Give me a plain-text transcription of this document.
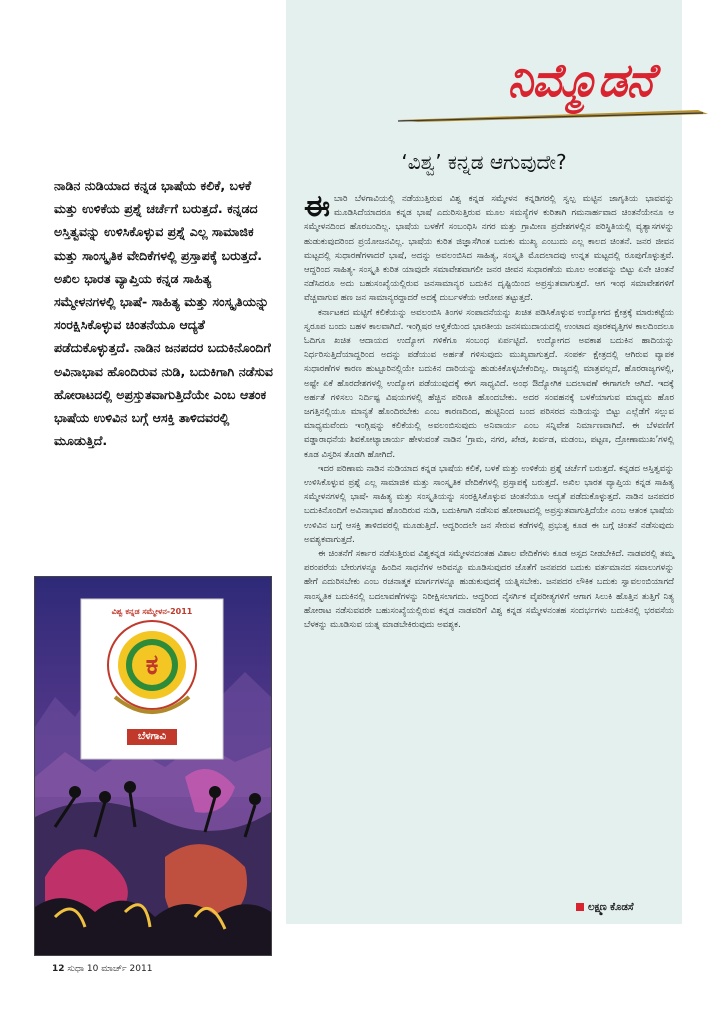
ನಿಮ್ಮೊಡನೆ
‘ವಿಶ್ವ’ ಕನ್ನಡ ಆಗುವುದೇ?
ನಾಡಿನ ನುಡಿಯಾದ ಕನ್ನಡ ಭಾಷೆಯ ಕಲಿಕೆ, ಬಳಕೆ ಮತ್ತು ಉಳಿಕೆಯ ಪ್ರಶ್ನೆ ಚರ್ಚೆಗೆ ಬರುತ್ತದೆ. ಕನ್ನಡದ ಅಸ್ತಿತ್ವವನ್ನು ಉಳಿಸಿಕೊಳ್ಳುವ ಪ್ರಶ್ನೆ ಎಲ್ಲ ಸಾಮಾಜಿಕ ಮತ್ತು ಸಾಂಸ್ಕೃತಿಕ ವೇದಿಕೆಗಳಲ್ಲಿ ಪ್ರಸ್ತಾಪಕ್ಕೆ ಬರುತ್ತದೆ. ಅಖಿಲ ಭಾರತ ವ್ಯಾಪ್ತಿಯ ಕನ್ನಡ ಸಾಹಿತ್ಯ ಸಮ್ಮೇಳನಗಳಲ್ಲಿ ಭಾಷೆ- ಸಾಹಿತ್ಯ ಮತ್ತು ಸಂಸ್ಕೃತಿಯನ್ನು ಸಂರಕ್ಷಿಸಿಕೊಳ್ಳುವ ಚಿಂತನೆಯೂ ಆದ್ಯತೆ ಪಡೆದುಕೊಳ್ಳುತ್ತದೆ. ನಾಡಿನ ಜನಪದರ ಬದುಕಿನೊಂದಿಗೆ ಅವಿನಾಭಾವ ಹೊಂದಿರುವ ನುಡಿ, ಬದುಕಿಗಾಗಿ ನಡೆಸುವ ಹೋರಾಟದಲ್ಲಿ ಅಪ್ರಸ್ತುತವಾಗುತ್ತಿದೆಯೇ ಎಂಬ ಆತಂಕ ಭಾಷೆಯ ಉಳಿವಿನ ಬಗ್ಗೆ ಆಸಕ್ತಿ ತಾಳಿದವರಲ್ಲಿ ಮೂಡುತ್ತಿದೆ.

ಈಬಾರಿ ಬೆಳಗಾವಿಯಲ್ಲಿ ನಡೆಯುತ್ತಿರುವ ವಿಶ್ವ ಕನ್ನಡ ಸಮ್ಮೇಳನ ಕನ್ನಡಿಗರಲ್ಲಿ ಸ್ವಲ್ಪ ಮಟ್ಟಿನ ಜಾಗೃತಿಯ ಭಾವವನ್ನು ಮೂಡಿಸಿದೆಯಾದರೂ ಕನ್ನಡ ಭಾಷೆ ಎದುರಿಸುತ್ತಿರುವ ಮೂಲ ಸಮಸ್ಯೆಗಳ ಕುರಿತಾಗಿ ಗಮನಾರ್ಹವಾದ ಚಿಂತನೆಯೇನೂ ಆ ಸಮ್ಮೇಳನದಿಂದ ಹೊರಬಂದಿಲ್ಲ. ಭಾಷೆಯ ಬಳಕೆಗೆ ಸಂಬಂಧಿಸಿ ನಗರ ಮತ್ತು ಗ್ರಾಮೀಣ ಪ್ರದೇಶಗಳಲ್ಲಿನ ಪರಿಸ್ಥಿತಿಯಲ್ಲಿ ವ್ಯತ್ಯಾಸಗಳನ್ನು ಹುಡುಕುವುದರಿಂದ ಪ್ರಯೋಜನವಿಲ್ಲ. ಭಾಷೆಯ ಕುರಿತ ಜಿಜ್ಞಾಸೆಗಿಂತ ಬದುಕು ಮುಖ್ಯ ಎಂಬುದು ಎಲ್ಲ ಕಾಲದ ಚಿಂತನೆ. ಜನರ ಜೀವನ ಮಟ್ಟದಲ್ಲಿ ಸುಧಾರಣೆಗಳಾದರೆ ಭಾಷೆ, ಅದನ್ನು ಅವಲಂಬಿಸಿದ ಸಾಹಿತ್ಯ, ಸಂಸ್ಕೃತಿ ಮೊದಲಾದವು ಉನ್ನತ ಮಟ್ಟದಲ್ಲಿ ರೂಪುಗೊಳ್ಳುತ್ತವೆ. ಆದ್ದರಿಂದ ಸಾಹಿತ್ಯ- ಸಂಸ್ಕೃತಿ ಕುರಿತ ಯಾವುದೇ ಸಮಾವೇಶವಾಗಲೀ ಜನರ ಜೀವನ ಸುಧಾರಣೆಯ ಮೂಲ ಅಂಶವನ್ನು ಬಿಟ್ಟು ಏನೇ ಚಿಂತನೆ ನಡೆಸಿದರೂ ಅದು ಬಹುಸಂಖ್ಯೆಯಲ್ಲಿರುವ ಜನಸಾಮಾನ್ಯರ ಬದುಕಿನ ದೃಷ್ಟಿಯಿಂದ ಅಪ್ರಸ್ತುತವಾಗುತ್ತದೆ. ಆಗ ಇಂಥ ಸಮಾವೇಶಗಳಿಗೆ ವೆಚ್ಚವಾಗುವ ಹಣ ಜನ ಸಾಮಾನ್ಯರದ್ದಾದರೆ ಅದಕ್ಕೆ ದುರ್ಬಳಕೆಯ ಆರೋಪ ತಟ್ಟುತ್ತದೆ.

ಕರ್ನಾಟಕದ ಮಟ್ಟಿಗೆ ಕಲಿಕೆಯನ್ನು ಅವಲಂಬಿಸಿ ತಿಂಗಳ ಸಂಪಾದನೆಯನ್ನು ಖಚಿತ ಪಡಿಸಿಕೊಳ್ಳುವ ಉದ್ಯೋಗದ ಕ್ಷೇತ್ರಕ್ಕೆ ಮಾರುಕಟ್ಟೆಯ ಸ್ವರೂಪ ಬಂದು ಬಹಳ ಕಾಲವಾಗಿದೆ. ಇಂಗ್ಲಿಷರ ಆಳ್ವಿಕೆಯಿಂದ ಭಾರತೀಯ ಜನಸಮುದಾಯದಲ್ಲಿ ಉಂಟಾದ ಪೂರಕವೃತ್ತಿಗಳ ಕಾಲದಿಂದಲೂ ಓದಿಗೂ ಖಚಿತ ಆದಾಯದ ಉದ್ಯೋಗ ಗಳಿಕೆಗೂ ಸಂಬಂಧ ಏರ್ಪಟ್ಟಿದೆ. ಉದ್ಯೋಗದ ಅವಕಾಶ ಬದುಕಿನ ಹಾದಿಯನ್ನು ನಿರ್ಧರಿಸುತ್ತಿದೆಯಾದ್ದರಿಂದ ಅದನ್ನು ಪಡೆಯುವ ಅರ್ಹತೆ ಗಳಿಸುವುದು ಮುಖ್ಯವಾಗುತ್ತದೆ. ಸಂಪರ್ಕ ಕ್ಷೇತ್ರದಲ್ಲಿ ಆಗಿರುವ ವ್ಯಾಪಕ ಸುಧಾರಣೆಗಳ ಕಾರಣ ಹುಟ್ಟೂರಿನಲ್ಲಿಯೇ ಬದುಕಿನ ದಾರಿಯನ್ನು ಹುಡುಕಿಕೊಳ್ಳಬೇಕೆಂದಿಲ್ಲ. ರಾಜ್ಯದಲ್ಲಿ ಮಾತ್ರವಲ್ಲದೆ, ಹೊರರಾಜ್ಯಗಳಲ್ಲಿ, ಅಷ್ಟೇ ಏಕೆ ಹೊರದೇಶಗಳಲ್ಲಿ ಉದ್ಯೋಗ ಪಡೆಯುವುದಕ್ಕೆ ಈಗ ಸಾಧ್ಯವಿದೆ. ಅಂಥ ಔದ್ಯೋಗಿಕ ಬದಲಾವಣೆ ಈಗಾಗಲೇ ಆಗಿದೆ. ಇದಕ್ಕೆ ಅರ್ಹತೆ ಗಳಿಸಲು ನಿರ್ದಿಷ್ಟ ವಿಷಯಗಳಲ್ಲಿ ಹೆಚ್ಚಿನ ಪರಿಣತಿ ಹೊಂದಬೇಕು. ಅದರ ಸಂವಹನಕ್ಕೆ ಬಳಕೆಯಾಗುವ ಮಾಧ್ಯಮ ಹೊರ ಜಗತ್ತಿನಲ್ಲಿಯೂ ಮಾನ್ಯತೆ ಹೊಂದಿರಬೇಕು ಎಂಬ ಕಾರಣದಿಂದ, ಹುಟ್ಟಿನಿಂದ ಬಂದ ಪರಿಸರದ ನುಡಿಯನ್ನು ಬಿಟ್ಟು ಎಲ್ಲೆಡೆಗೆ ಸಲ್ಲುವ ಮಾಧ್ಯಮವೆಂದು ಇಂಗ್ಲಿಷನ್ನು ಕಲಿಕೆಯಲ್ಲಿ ಅವಲಂಬಿಸುವುದು ಅನಿವಾರ್ಯ ಎಂಬ ಸನ್ನಿವೇಶ ನಿರ್ಮಾಣವಾಗಿದೆ. ಈ ಬೆಳವಣಿಗೆ ವಡ್ಡಾರಾಧನೆಯ ಶಿವಕೋಟ್ಯಾಚಾರ್ಯ ಹೇಳುವಂತೆ ನಾಡಿನ ‘ಗ್ರಾಮ, ನಗರ, ಖೇಡ, ಖರ್ವಡ, ಮಡಂಬ, ಪಟ್ಟಣ, ದ್ರೋಣಾಮುಖ’ಗಳಲ್ಲಿ ಕೂಡ ವಿಸ್ತರಿಸ ತೊಡಗಿ ಹೋಗಿದೆ.

ಇದರ ಪರಿಣಾಮ ನಾಡಿನ ನುಡಿಯಾದ ಕನ್ನಡ ಭಾಷೆಯ ಕಲಿಕೆ, ಬಳಕೆ ಮತ್ತು ಉಳಿಕೆಯ ಪ್ರಶ್ನೆ ಚರ್ಚೆಗೆ ಬರುತ್ತದೆ. ಕನ್ನಡದ ಅಸ್ತಿತ್ವವನ್ನು ಉಳಿಸಿಕೊಳ್ಳುವ ಪ್ರಶ್ನೆ ಎಲ್ಲ ಸಾಮಾಜಿಕ ಮತ್ತು ಸಾಂಸ್ಕೃತಿಕ ವೇದಿಕೆಗಳಲ್ಲಿ ಪ್ರಸ್ತಾಪಕ್ಕೆ ಬರುತ್ತದೆ. ಅಖಿಲ ಭಾರತ ವ್ಯಾಪ್ತಿಯ ಕನ್ನಡ ಸಾಹಿತ್ಯ ಸಮ್ಮೇಳನಗಳಲ್ಲಿ ಭಾಷೆ- ಸಾಹಿತ್ಯ ಮತ್ತು ಸಂಸ್ಕೃತಿಯನ್ನು ಸಂರಕ್ಷಿಸಿಕೊಳ್ಳುವ ಚಿಂತನೆಯೂ ಆದ್ಯತೆ ಪಡೆದುಕೊಳ್ಳುತ್ತದೆ. ನಾಡಿನ ಜನಪದರ ಬದುಕಿನೊಂದಿಗೆ ಅವಿನಾಭಾವ ಹೊಂದಿರುವ ನುಡಿ, ಬದುಕಿಗಾಗಿ ನಡೆಸುವ ಹೋರಾಟದಲ್ಲಿ ಅಪ್ರಸ್ತುತವಾಗುತ್ತಿದೆಯೇ ಎಂಬ ಆತಂಕ ಭಾಷೆಯ ಉಳಿವಿನ ಬಗ್ಗೆ ಆಸಕ್ತಿ ತಾಳಿದವರಲ್ಲಿ ಮೂಡುತ್ತಿದೆ. ಆದ್ದರಿಂದಲೇ ಜನ ಸೇರುವ ಕಡೆಗಳಲ್ಲಿ ಪ್ರಭುತ್ವ ಕೂಡ ಈ ಬಗ್ಗೆ ಚಿಂತನೆ ನಡೆಸುವುದು ಅವಶ್ಯಕವಾಗುತ್ತದೆ.

ಈ ಚಿಂತನೆಗೆ ಸರ್ಕಾರ ನಡೆಸುತ್ತಿರುವ ವಿಶ್ವಕನ್ನಡ ಸಮ್ಮೇಳನದಂತಹ ವಿಶಾಲ ವೇದಿಕೆಗಳು ಕೂಡ ಅಸ್ಪದ ನೀಡಬೇಕಿದೆ. ನಾಡವರಲ್ಲಿ ತಮ್ಮ ಪರಂಪರೆಯ ಬೇರುಗಳನ್ನೂ ಹಿಂದಿನ ಸಾಧನೆಗಳ ಅರಿವನ್ನೂ ಮೂಡಿಸುವುದರ ಜೊತೆಗೆ ಜನಪದರ ಬದುಕು ವರ್ತಮಾನದ ಸವಾಲುಗಳನ್ನು ಹೇಗೆ ಎದುರಿಸಬೇಕು ಎಂಬ ರಚನಾತ್ಮಕ ಮಾರ್ಗಗಳನ್ನೂ ಹುಡುಕುವುದಕ್ಕೆ ಯತ್ನಿಸಬೇಕು. ಜನಪದರ ಲೌಕಿಕ ಬದುಕು ಸ್ವಾವಲಂಬಿಯಾಗದೆ ಸಾಂಸ್ಕೃತಿಕ ಬದುಕಿನಲ್ಲಿ ಬದಲಾವಣೆಗಳನ್ನು ನಿರೀಕ್ಷಿಸಲಾಗದು. ಆದ್ದರಿಂದ ನೈಸರ್ಗಿಕ ವೈಪರೀತ್ಯಗಳಿಗೆ ಆಗಾಗ ಸಿಲುಕಿ ಹೊತ್ತಿನ ತುತ್ತಿಗೆ ನಿತ್ಯ ಹೋರಾಟ ನಡೆಸುವವರೇ ಬಹುಸಂಖ್ಯೆಯಲ್ಲಿರುವ ಕನ್ನಡ ನಾಡವರಿಗೆ ವಿಶ್ವ ಕನ್ನಡ ಸಮ್ಮೇಳನಂತಹ ಸಂದರ್ಭಗಳು ಬದುಕಿನಲ್ಲಿ ಭರವಸೆಯ ಬೆಳಕನ್ನು ಮೂಡಿಸುವ ಯತ್ನ ಮಾಡಬೇಕಿರುವುದು ಅವಶ್ಯಕ.

ಲಕ್ಷ್ಮಣ ಕೊಡಸೆ
ವಿಶ್ವ ಕನ್ನಡ ಸಮ್ಮೇಳನ-2011
ಕ
ಬೆಳಗಾವಿ
12 ಸುಧಾ 10 ಮಾರ್ಚ್ 2011
